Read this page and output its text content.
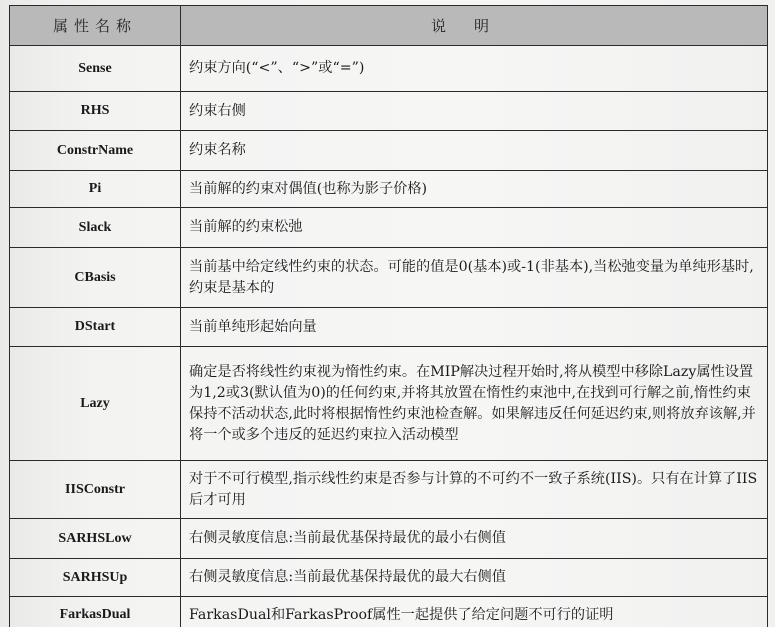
属性名称	说明
Sense	约束方向(“<”、“>”或“=”)
RHS	约束右侧
ConstrName	约束名称
Pi	当前解的约束对偶值(也称为影子价格)
Slack	当前解的约束松弛
CBasis	当前基中给定线性约束的状态。可能的值是0(基本)或-1(非基本),当松弛变量为单纯形基时,约束是基本的
DStart	当前单纯形起始向量
Lazy	确定是否将线性约束视为惰性约束。在MIP解决过程开始时,将从模型中移除Lazy属性设置为1,2或3(默认值为0)的任何约束,并将其放置在惰性约束池中,在找到可行解之前,惰性约束保持不活动状态,此时将根据惰性约束池检查解。如果解违反任何延迟约束,则将放弃该解,并将一个或多个违反的延迟约束拉入活动模型
IISConstr	对于不可行模型,指示线性约束是否参与计算的不可约不一致子系统(IIS)。只有在计算了IIS后才可用
SARHSLow	右侧灵敏度信息:当前最优基保持最优的最小右侧值
SARHSUp	右侧灵敏度信息:当前最优基保持最优的最大右侧值
FarkasDual	FarkasDual和FarkasProof属性一起提供了给定问题不可行的证明
